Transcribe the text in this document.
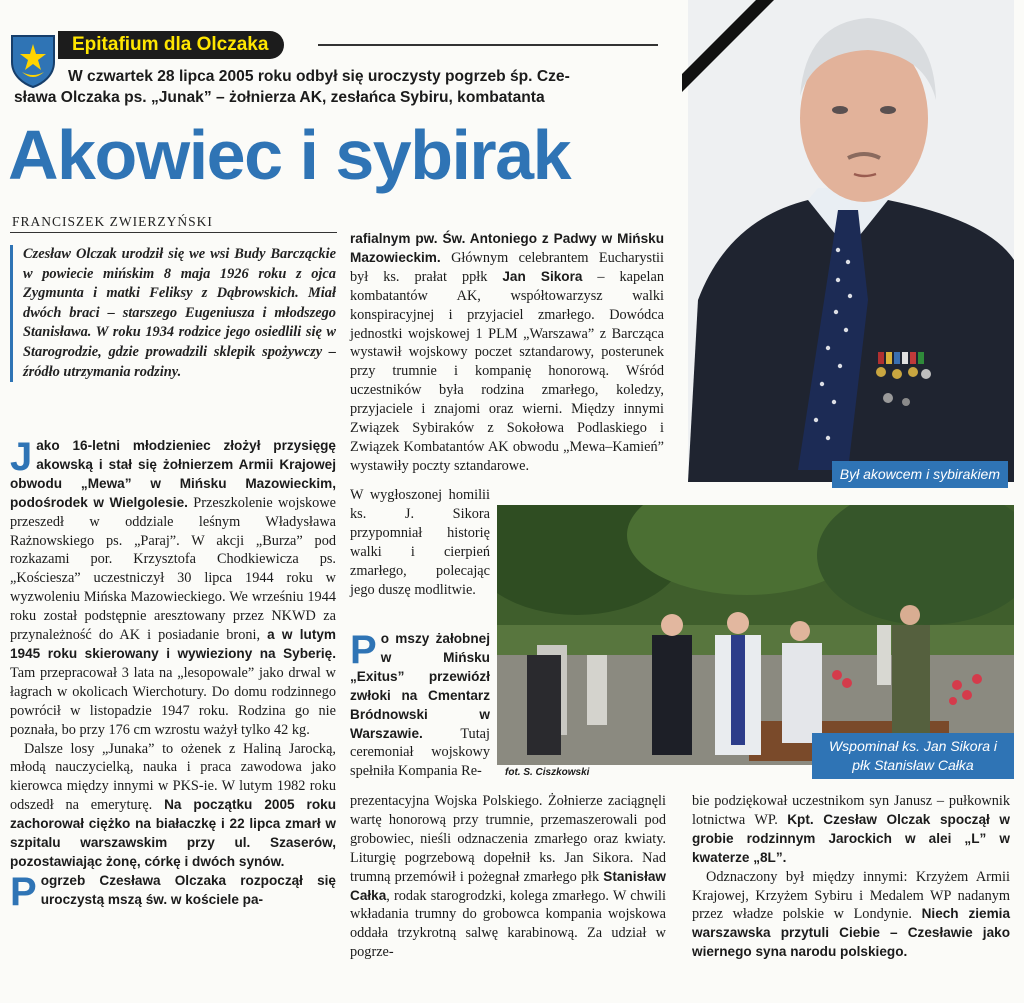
Epitafium dla Olczaka
W czwartek 28 lipca 2005 roku odbył się uroczysty pogrzeb śp. Cze-
sława Olczaka ps. „Junak” – żołnierza AK, zesłańca Sybiru, kombatanta
Akowiec i sybirak
FRANCISZEK ZWIERZYŃSKI
Czesław Olczak urodził się we wsi Budy Barcząckie w powiecie mińskim 8 maja 1926 roku z ojca Zygmunta i matki Feliksy z Dąbrowskich. Miał dwóch braci – starszego Eugeniusza i młodszego Stanisława. W roku 1934 rodzice jego osiedlili się w Starogrodzie, gdzie prowadzili sklepik spożywczy – źródło utrzymania rodziny.

Jako 16-letni młodzieniec złożył przysięgę akowską i stał się żołnierzem Armii Krajowej obwodu „Mewa” w Mińsku Mazowieckim, podośrodek w Wielgolesie. Przeszkolenie wojskowe przeszedł w oddziale leśnym Władysława Rażnowskiego ps. „Paraj”. W akcji „Burza” pod rozkazami por. Krzysztofa Chodkiewicza ps. „Kościesza” uczestniczył 30 lipca 1944 roku w wyzwoleniu Mińska Mazowieckiego. We wrześniu 1944 roku został podstępnie aresztowany przez NKWD za przynależność do AK i posiadanie broni, a w lutym 1945 roku skierowany i wywieziony na Syberię. Tam przepracował 3 lata na „lesopowale” jako drwal w łagrach w okolicach Wierchotury. Do domu rodzinnego powrócił w listopadzie 1947 roku. Rodzina go nie poznała, bo przy 176 cm wzrostu ważył tylko 42 kg.

Dalsze losy „Junaka” to ożenek z Haliną Jarocką, młodą nauczycielką, nauka i praca zawodowa jako kierowca między innymi w PKS-ie. W lutym 1982 roku odszedł na emeryturę. Na początku 2005 roku zachorował ciężko na białaczkę i 22 lipca zmarł w szpitalu warszawskim przy ul. Szaserów, pozostawiając żonę, córkę i dwóch synów.

Pogrzeb Czesława Olczaka rozpoczął się uroczystą mszą św. w kościele pa-

rafialnym pw. Św. Antoniego z Padwy w Mińsku Mazowieckim. Głównym celebrantem Eucharystii był ks. prałat ppłk Jan Sikora – kapelan kombatantów AK, współtowarzysz walki konspiracyjnej i przyjaciel zmarłego. Dowódca jednostki wojskowej 1 PLM „Warszawa” z Barcząca wystawił wojskowy poczet sztandarowy, posterunek przy trumnie i kompanię honorową. Wśród uczestników była rodzina zmarłego, koledzy, przyjaciele i znajomi oraz wierni. Między innymi Związek Sybiraków z Sokołowa Podlaskiego i Związek Kombatantów AK obwodu „Mewa–Kamień” wystawiły poczty sztandarowe.

W wygłoszonej homilii ks. J. Sikora przypomniał historię walki i cierpień zmarłego, polecając jego duszę modlitwie.

Po mszy żałobnej w Mińsku „Exitus” przewiózł zwłoki na Cmentarz Bródnowski w Warszawie.	Tutaj ceremoniał wojskowy spełniła Kompania Re-

prezentacyjna Wojska Polskiego. Żołnierze zaciągnęli wartę honorową przy trumnie, przemaszerowali pod grobowiec, nieśli odznaczenia zmarłego oraz kwiaty. Liturgię pogrzebową dopełnił ks. Jan Sikora. Nad trumną przemówił i pożegnał zmarłego płk Stanisław Całka, rodak starogrodzki, kolega zmarłego. W chwili wkładania trumny do grobowca kompania wojskowa oddała trzykrotną salwę karabinową. Za udział w pogrze-

bie podziękował uczestnikom syn Janusz – pułkownik lotnictwa WP. Kpt. Czesław Olczak spoczął w grobie rodzinnym Jarockich w alei „L” w kwaterze „8L”.

Odznaczony był między innymi: Krzyżem Armii Krajowej, Krzyżem Sybiru i Medalem WP nadanym przez władze polskie w Londynie. Niech ziemia warszawska przytuli Ciebie – Czesławie jako wiernego syna narodu polskiego.

Był akowcem i sybirakiem
Wspominał ks. Jan Sikora i płk Stanisław Całka
fot. S. Ciszkowski
